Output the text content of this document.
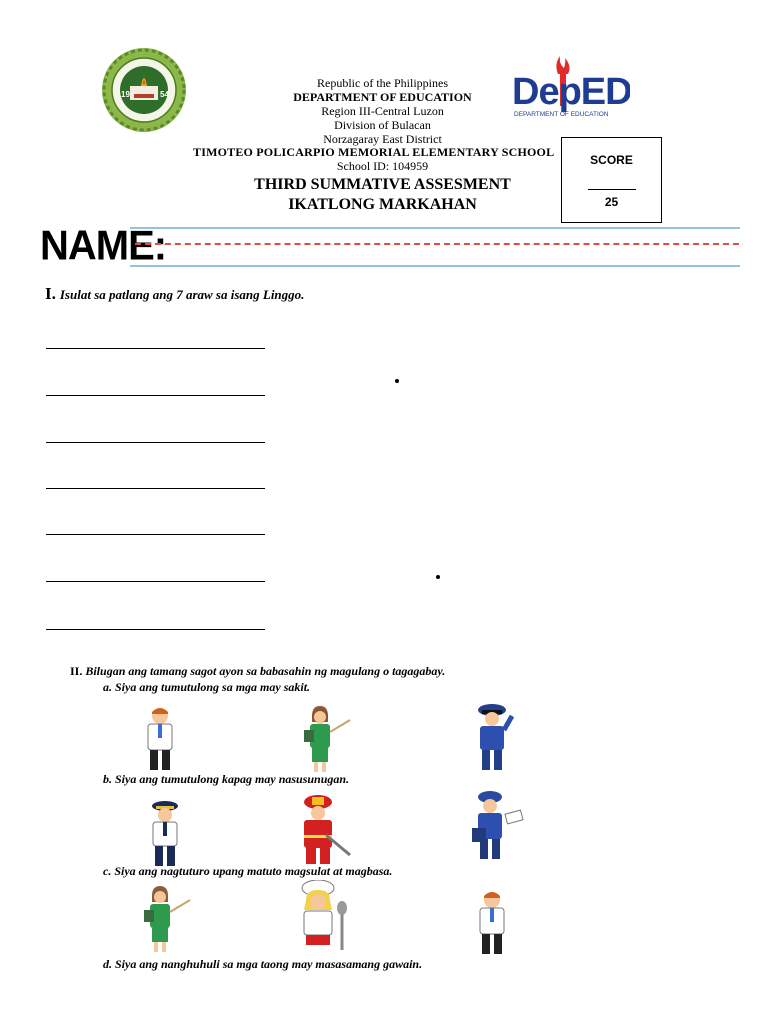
19	54
Republic of the Philippines
DEPARTMENT OF EDUCATION
Region III-Central Luzon
Division of Bulacan
Norzagaray East District
TIMOTEO POLICARPIO MEMORIAL ELEMENTARY SCHOOL
School ID: 104959
THIRD SUMMATIVE ASSESMENT
IKATLONG MARKAHAN
DepED
DEPARTMENT OF EDUCATION
SCORE
25
NAME:
I. Isulat sa patlang ang 7 araw sa isang Linggo.
II. Bilugan ang tamang sagot ayon sa babasahin ng magulang o tagagabay.
a. Siya ang tumutulong sa mga may sakit.
b. Siya ang tumutulong kapag may nasusunugan.
c. Siya ang nagtuturo upang matuto magsulat at magbasa.
d. Siya ang nanghuhuli sa mga taong may masasamang gawain.
